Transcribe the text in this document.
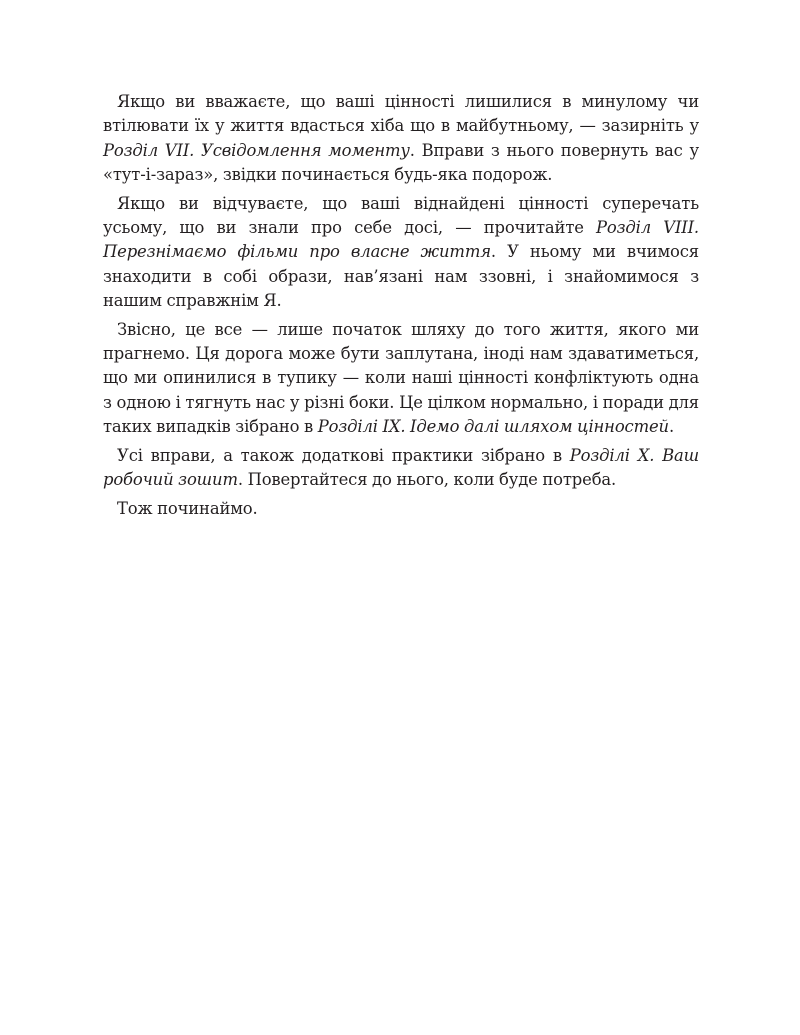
Якщо ви вважаєте, що ваші цінності лишилися в минулому чи втілювати їх у життя вдасться хіба що в майбутньому, — зазирніть у Розділ VII. Усвідомлення моменту. Вправи з нього повернуть вас у «тут-і-зараз», звідки починається будь-яка подорож.

Якщо ви відчуваєте, що ваші віднайдені цінності суперечать усьому, що ви знали про себе досі, — прочитайте Розділ VIII. Перезнімаємо фільми про власне життя. У ньому ми вчимося знаходити в собі образи, нав’язані нам ззовні, і знайомимося з нашим справжнім Я.

Звісно, це все — лише початок шляху до того життя, якого ми прагнемо. Ця дорога може бути заплутана, іноді нам здаватиметься, що ми опинилися в тупику — коли наші цінності конфліктують одна з одною і тягнуть нас у різні боки. Це цілком нормально, і поради для таких випадків зібрано в Розділі IX. Ідемо далі шляхом цінностей.

Усі вправи, а також додаткові практики зібрано в Розділі X. Ваш робочий зошит. Повертайтеся до нього, коли буде потреба.

Тож починаймо.
